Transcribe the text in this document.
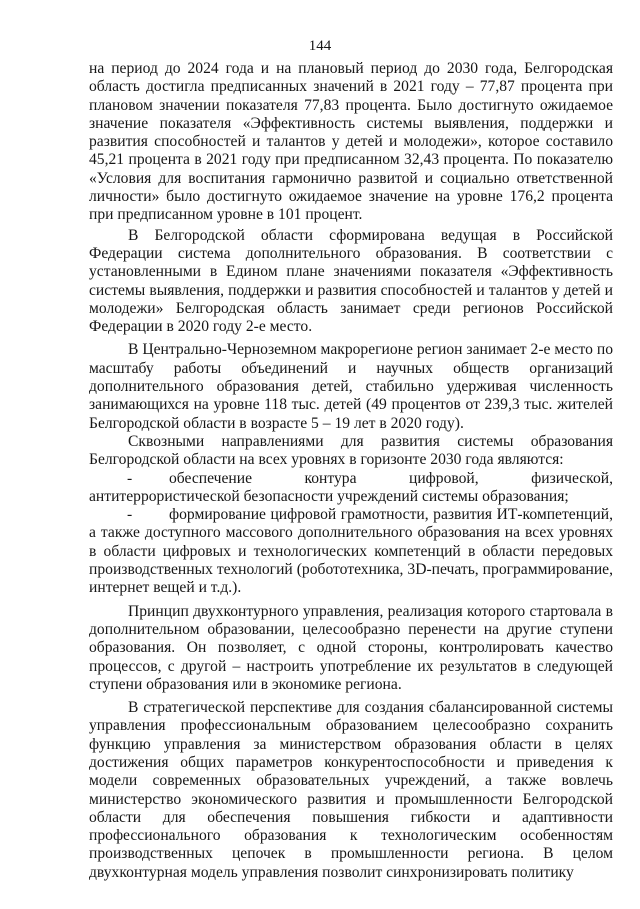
144

на период до 2024 года и на плановый период до 2030 года, Белгородская область достигла предписанных значений в 2021 году – 77,87 процента при плановом значении показателя 77,83 процента. Было достигнуто ожидаемое значение показателя «Эффективность системы выявления, поддержки и развития способностей и талантов у детей и молодежи», которое составило 45,21 процента в 2021 году при предписанном 32,43 процента. По показателю «Условия для воспитания гармонично развитой и социально ответственной личности» было достигнуто ожидаемое значение на уровне 176,2 процента при предписанном уровне в 101 процент.

В Белгородской области сформирована ведущая в Российской Федерации система дополнительного образования. В соответствии с установленными в Едином плане значениями показателя «Эффективность системы выявления, поддержки и развития способностей и талантов у детей и молодежи» Белгородская область занимает среди регионов Российской Федерации в 2020 году 2-е место.

В Центрально-Черноземном макрорегионе регион занимает 2-е место по масштабу работы объединений и научных обществ организаций дополнительного образования детей, стабильно удерживая численность занимающихся на уровне 118 тыс. детей (49 процентов от 239,3 тыс. жителей Белгородской области в возрасте 5 – 19 лет в 2020 году).

Сквозными направлениями для развития системы образования Белгородской области на всех уровнях в горизонте 2030 года являются:

- обеспечение контура цифровой, физической, антитеррористической безопасности учреждений системы образования;

- формирование цифровой грамотности, развития ИТ-компетенций, а также доступного массового дополнительного образования на всех уровнях в области цифровых и технологических компетенций в области передовых производственных технологий (робототехника, 3D-печать, программирование, интернет вещей и т.д.).

Принцип двухконтурного управления, реализация которого стартовала в дополнительном образовании, целесообразно перенести на другие ступени образования. Он позволяет, с одной стороны, контролировать качество процессов, с другой – настроить употребление их результатов в следующей ступени образования или в экономике региона.

В стратегической перспективе для создания сбалансированной системы управления профессиональным образованием целесообразно сохранить функцию управления за министерством образования области в целях достижения общих параметров конкурентоспособности и приведения к модели современных образовательных учреждений, а также вовлечь министерство экономического развития и промышленности Белгородской области для обеспечения повышения гибкости и адаптивности профессионального образования к технологическим особенностям производственных цепочек в промышленности региона. В целом двухконтурная модель управления позволит синхронизировать политику
